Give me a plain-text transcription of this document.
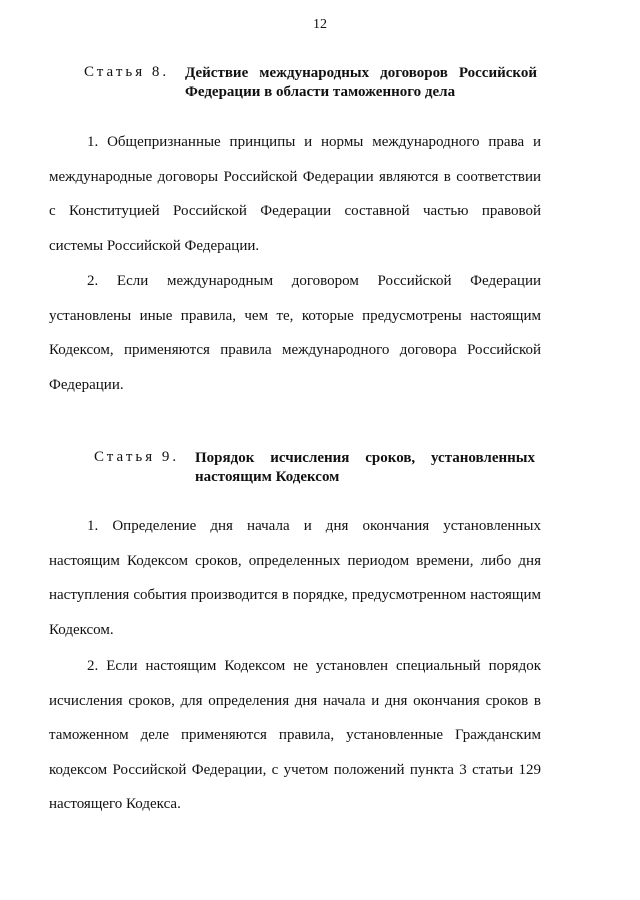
12
Статья 8. Действие международных договоров Российской Федерации в области таможенного дела

1. Общепризнанные принципы и нормы международного права и международные договоры Российской Федерации являются в соответствии с Конституцией Российской Федерации составной частью правовой системы Российской Федерации.

2. Если международным договором Российской Федерации установлены иные правила, чем те, которые предусмотрены настоящим Кодексом, применяются правила международного договора Российской Федерации.

Статья 9. Порядок исчисления сроков, установленных настоящим Кодексом

1. Определение дня начала и дня окончания установленных настоящим Кодексом сроков, определенных периодом времени, либо дня наступления события производится в порядке, предусмотренном настоящим Кодексом.

2. Если настоящим Кодексом не установлен специальный порядок исчисления сроков, для определения дня начала и дня окончания сроков в таможенном деле применяются правила, установленные Гражданским кодексом Российской Федерации, с учетом положений пункта 3 статьи 129 настоящего Кодекса.
